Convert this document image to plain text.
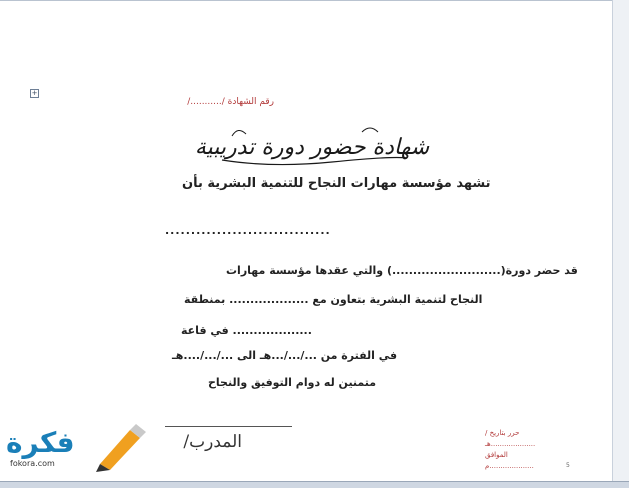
+
رقم الشهادة /.........../
شهادة حضور دورة تدريبية
تشهد مؤسسة مهارات النجاح للتنمية البشرية بأن
................................
قد حضر دورة(..........................) والتي عقدها مؤسسة مهارات
النجاح لتنمية البشرية بتعاون مع ................... بمنطقة
................... في قاعة
في الفترة من .../.../...هـ الى .../.../....هـ
متمنين له دوام التوفيق والنجاح
المدرب/	حرر بتاريخ / ....................هـ
الموافق ....................م	5
فكرة
fokora.com
